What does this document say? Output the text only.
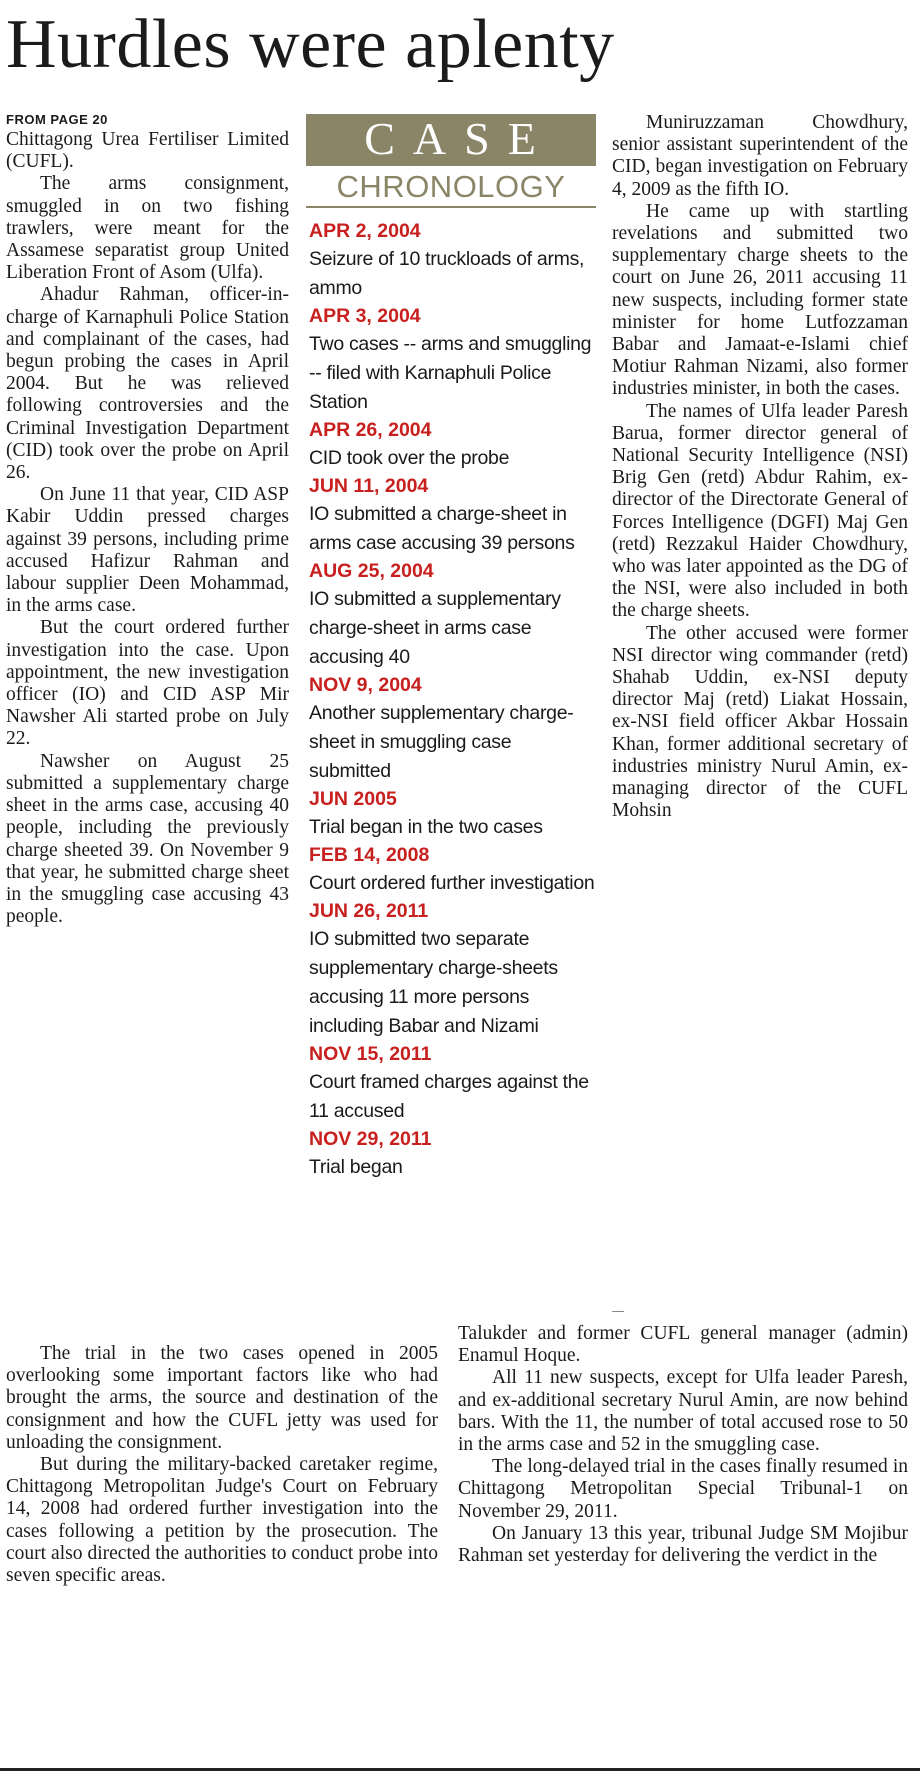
Hurdles were aplenty
FROM PAGE 20

Chittagong Urea Fertiliser Limited (CUFL).

The arms consignment, smuggled in on two fishing trawlers, were meant for the Assamese separatist group United Liberation Front of Asom (Ulfa).

Ahadur Rahman, officer-in-charge of Karnaphuli Police Station and complainant of the cases, had begun probing the cases in April 2004. But he was relieved following controversies and the Criminal Investigation Department (CID) took over the probe on April 26.

On June 11 that year, CID ASP Kabir Uddin pressed charges against 39 persons, including prime accused Hafizur Rahman and labour supplier Deen Mohammad, in the arms case.

But the court ordered further investigation into the case. Upon appointment, the new investigation officer (IO) and CID ASP Mir Nawsher Ali started probe on July 22.

Nawsher on August 25 submitted a supplementary charge sheet in the arms case, accusing 40 people, including the previously charge sheeted 39. On November 9 that year, he submitted charge sheet in the smuggling case accusing 43 people.

CASE
CHRONOLOGY
APR 2, 2004
Seizure of 10 truckloads of arms, ammo
APR 3, 2004
Two cases -- arms and smuggling -- filed with Karnaphuli Police Station
APR 26, 2004
CID took over the probe
JUN 11, 2004
IO submitted a charge-sheet in arms case accusing 39 persons
AUG 25, 2004
IO submitted a supplementary charge-sheet in arms case accusing 40
NOV 9, 2004
Another supplementary charge-sheet in smuggling case submitted
JUN 2005
Trial began in the two cases
FEB 14, 2008
Court ordered further investigation
JUN 26, 2011
IO submitted two separate supplementary charge-sheets accusing 11 more persons including Babar and Nizami
NOV 15, 2011
Court framed charges against the 11 accused
NOV 29, 2011
Trial began

Muniruzzaman Chowdhury, senior assistant superintendent of the CID, began investigation on February 4, 2009 as the fifth IO.

He came up with startling revelations and submitted two supplementary charge sheets to the court on June 26, 2011 accusing 11 new suspects, including former state minister for home Lutfozzaman Babar and Jamaat-e-Islami chief Motiur Rahman Nizami, also former industries minister, in both the cases.

The names of Ulfa leader Paresh Barua, former director general of National Security Intelligence (NSI) Brig Gen (retd) Abdur Rahim, ex-director of the Directorate General of Forces Intelligence (DGFI) Maj Gen (retd) Rezzakul Haider Chowdhury, who was later appointed as the DG of the NSI, were also included in both the charge sheets.

The other accused were former NSI director wing commander (retd) Shahab Uddin, ex-NSI deputy director Maj (retd) Liakat Hossain, ex-NSI field officer Akbar Hossain Khan, former additional secretary of industries ministry Nurul Amin, ex-managing director of the CUFL Mohsin

The trial in the two cases opened in 2005 overlooking some important factors like who had brought the arms, the source and destination of the consignment and how the CUFL jetty was used for unloading the consignment.

But during the military-backed caretaker regime, Chittagong Metropolitan Judge's Court on February 14, 2008 had ordered further investigation into the cases following a petition by the prosecution. The court also directed the authorities to conduct probe into seven specific areas.

Talukder and former CUFL general manager (admin) Enamul Hoque.

All 11 new suspects, except for Ulfa leader Paresh, and ex-additional secretary Nurul Amin, are now behind bars. With the 11, the number of total accused rose to 50 in the arms case and 52 in the smuggling case.

The long-delayed trial in the cases finally resumed in Chittagong Metropolitan Special Tribunal-1 on November 29, 2011.

On January 13 this year, tribunal Judge SM Mojibur Rahman set yesterday for delivering the verdict in the
